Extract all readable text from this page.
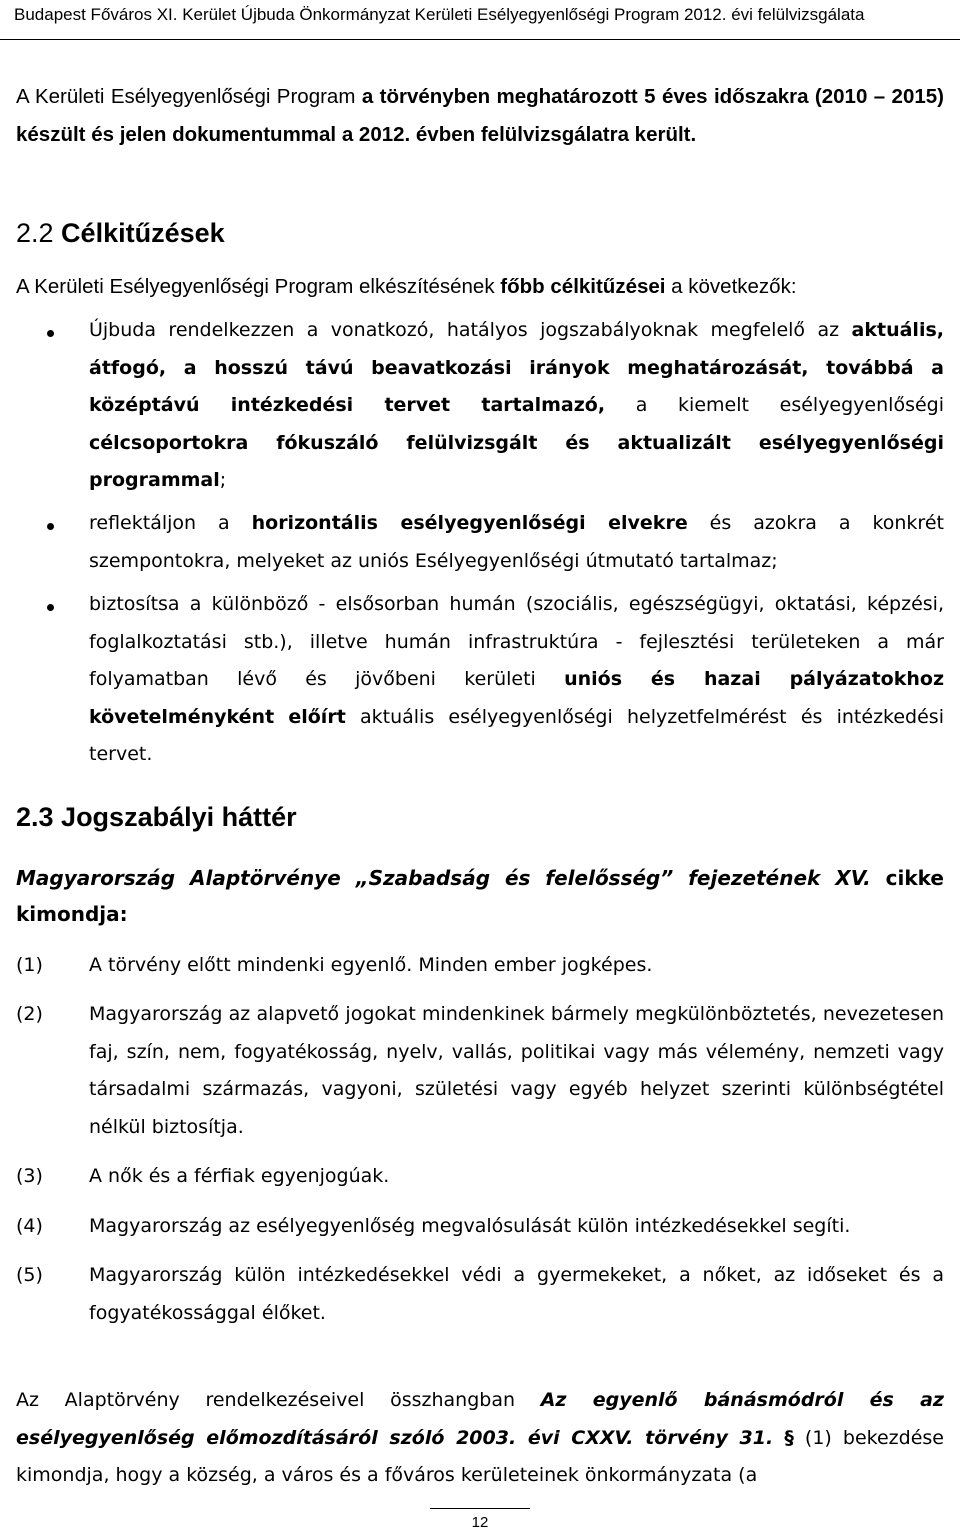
Budapest Főváros XI. Kerület Újbuda Önkormányzat Kerületi Esélyegyenlőségi Program 2012. évi felülvizsgálata
A Kerületi Esélyegyenlőségi Program a törvényben meghatározott 5 éves időszakra (2010 – 2015) készült és jelen dokumentummal a 2012. évben felülvizsgálatra került.
2.2 Célkitűzések
A Kerületi Esélyegyenlőségi Program elkészítésének főbb célkitűzései a következők:
Újbuda rendelkezzen a vonatkozó, hatályos jogszabályoknak megfelelő az aktuális, átfogó, a hosszú távú beavatkozási irányok meghatározását, továbbá a középtávú intézkedési tervet tartalmazó, a kiemelt esélyegyenlőségi célcsoportokra fókuszáló felülvizsgált és aktualizált esélyegyenlőségi programmal;
reflektáljon a horizontális esélyegyenlőségi elvekre és azokra a konkrét szempontokra, melyeket az uniós Esélyegyenlőségi útmutató tartalmaz;
biztosítsa a különböző - elsősorban humán (szociális, egészségügyi, oktatási, képzési, foglalkoztatási stb.), illetve humán infrastruktúra - fejlesztési területeken a már folyamatban lévő és jövőbeni kerületi uniós és hazai pályázatokhoz követelményként előírt aktuális esélyegyenlőségi helyzetfelmérést és intézkedési tervet.
2.3 Jogszabályi háttér
Magyarország Alaptörvénye „Szabadság és felelősség” fejezetének XV. cikke kimondja:
(1) A törvény előtt mindenki egyenlő. Minden ember jogképes.
(2) Magyarország az alapvető jogokat mindenkinek bármely megkülönböztetés, nevezetesen faj, szín, nem, fogyatékosság, nyelv, vallás, politikai vagy más vélemény, nemzeti vagy társadalmi származás, vagyoni, születési vagy egyéb helyzet szerinti különbségtétel nélkül biztosítja.
(3) A nők és a férfiak egyenjogúak.
(4) Magyarország az esélyegyenlőség megvalósulását külön intézkedésekkel segíti.
(5) Magyarország külön intézkedésekkel védi a gyermekeket, a nőket, az időseket és a fogyatékossággal élőket.
Az Alaptörvény rendelkezéseivel összhangban Az egyenlő bánásmódról és az esélyegyenlőség előmozdításáról szóló 2003. évi CXXV. törvény 31. § (1) bekezdése kimondja, hogy a község, a város és a főváros kerületeinek önkormányzata (a
12
